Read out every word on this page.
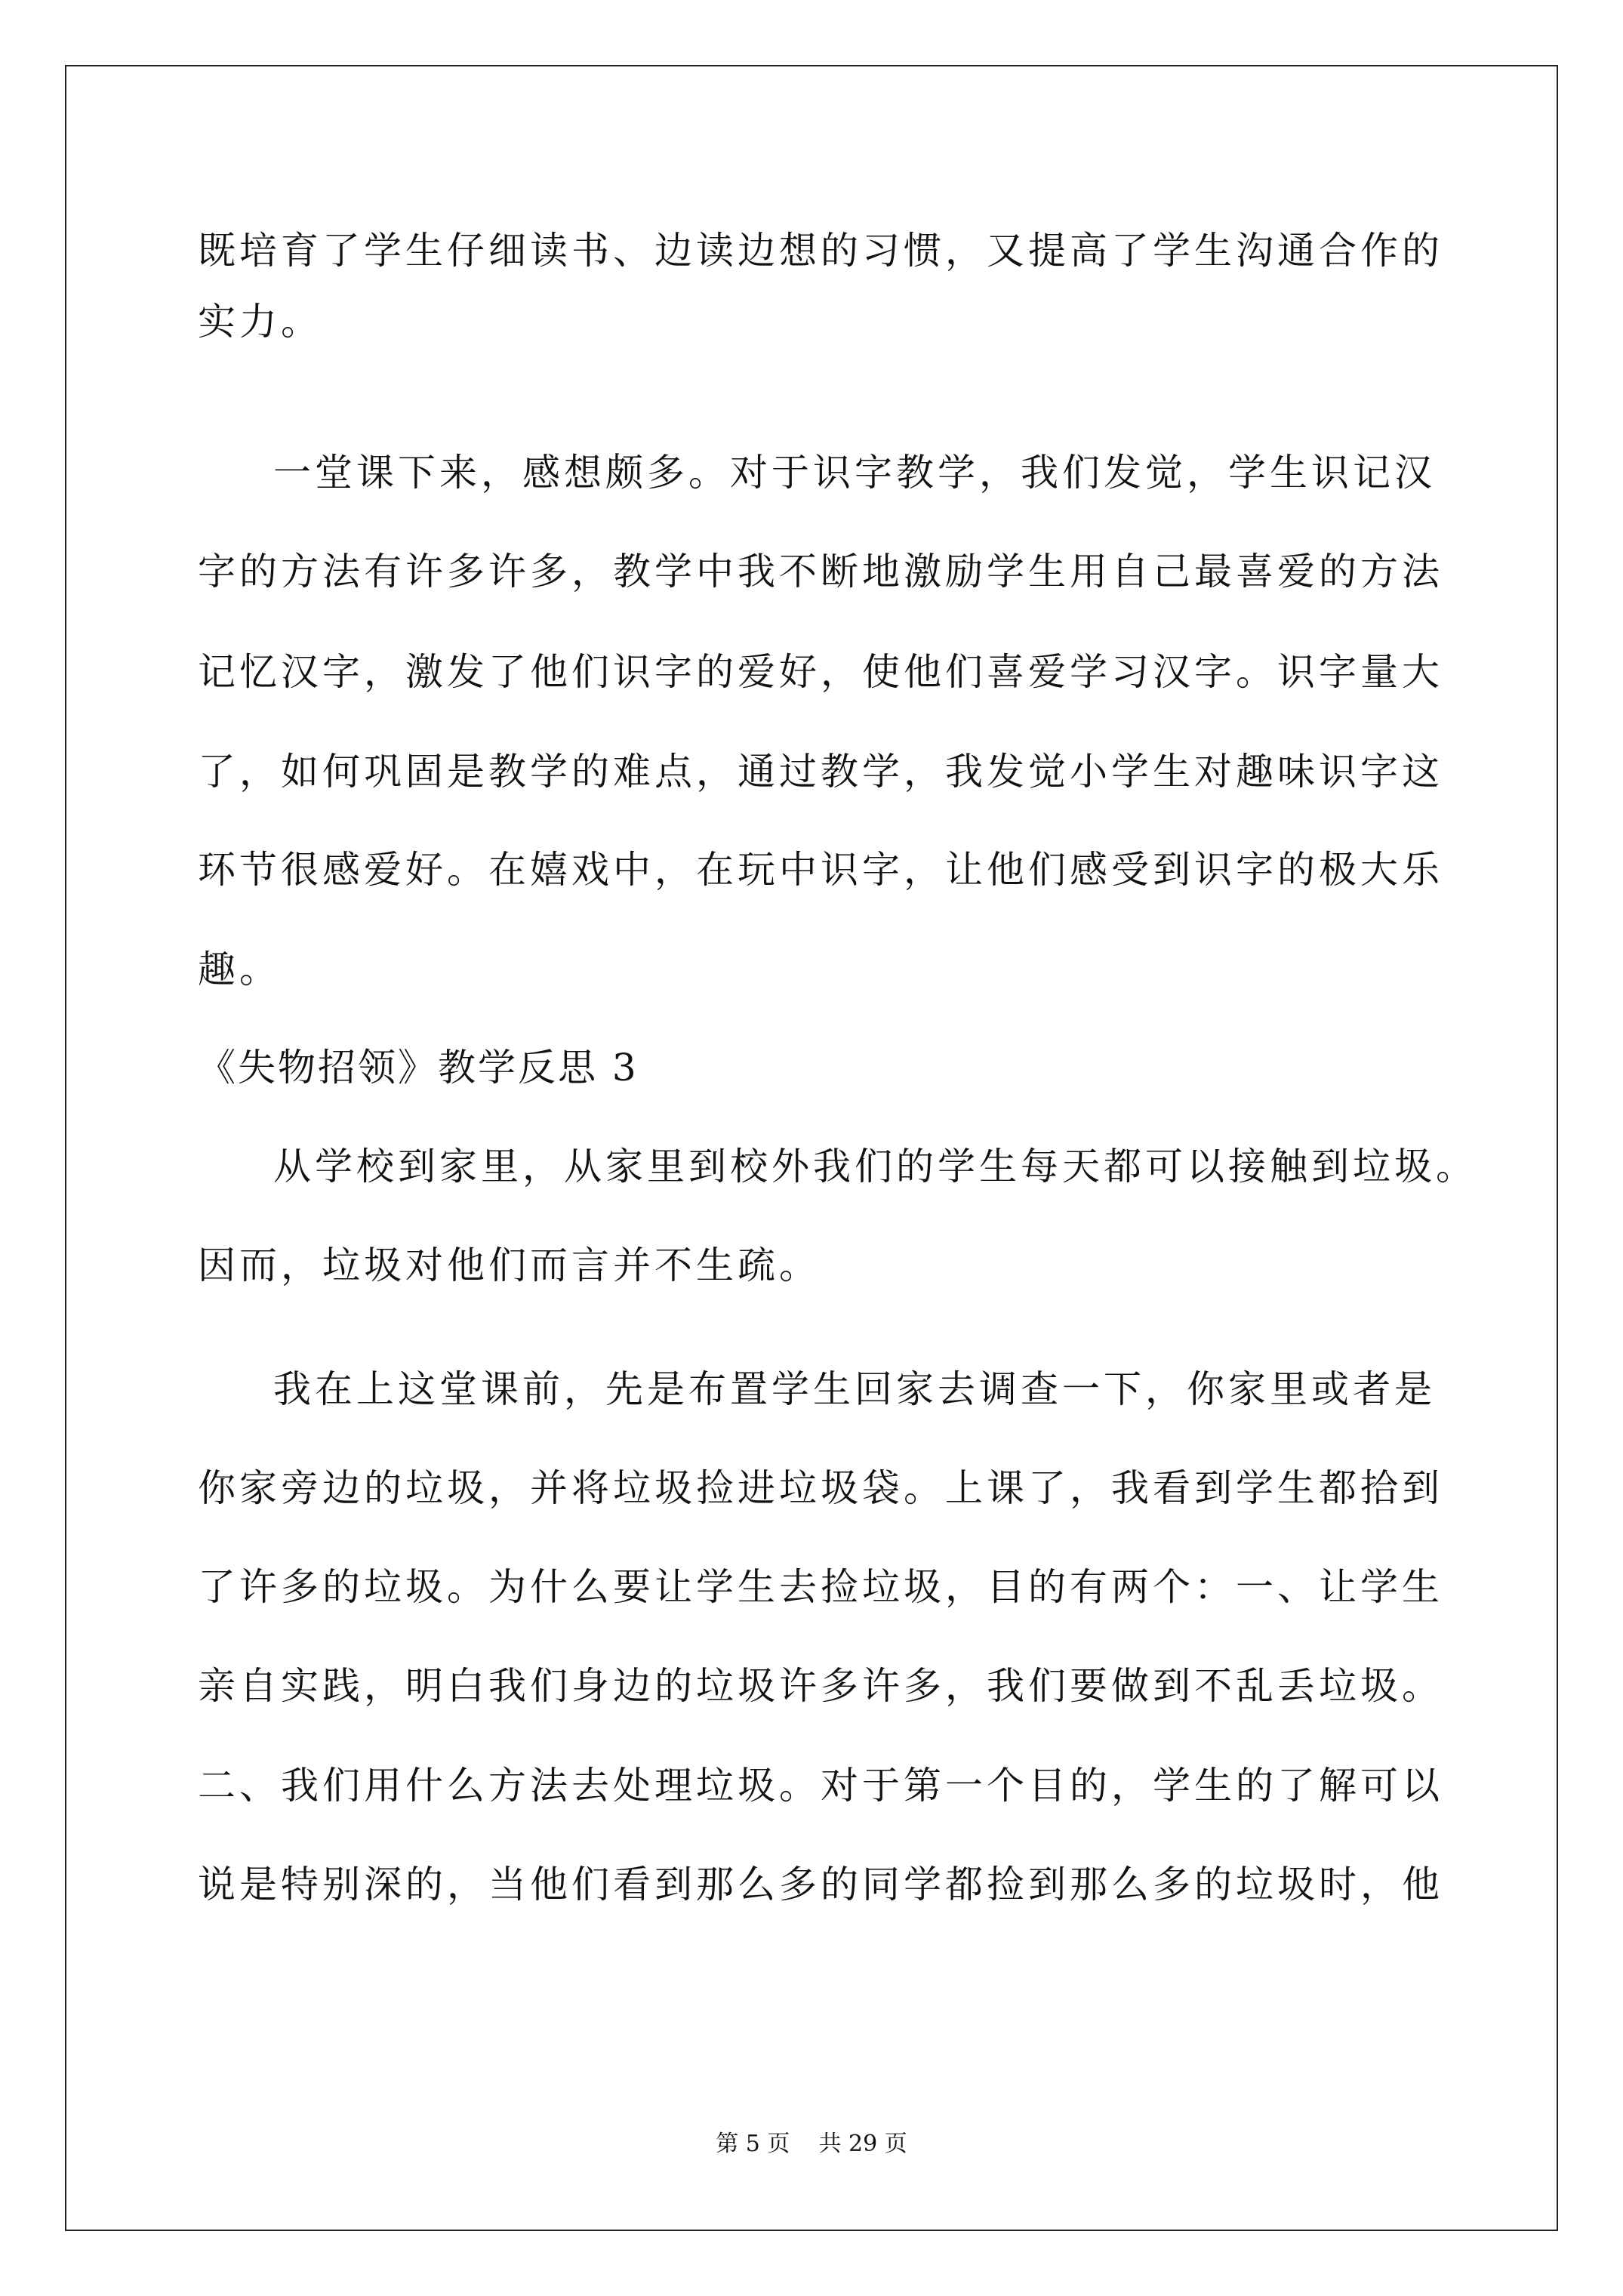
既培育了学生仔细读书、边读边想的习惯，又提高了学生沟通合作的
实力。
一堂课下来，感想颇多。对于识字教学，我们发觉，学生识记汉
字的方法有许多许多，教学中我不断地激励学生用自己最喜爱的方法
记忆汉字，激发了他们识字的爱好，使他们喜爱学习汉字。识字量大
了，如何巩固是教学的难点，通过教学，我发觉小学生对趣味识字这
环节很感爱好。在嬉戏中，在玩中识字，让他们感受到识字的极大乐
趣。
《失物招领》教学反思 3
从学校到家里，从家里到校外我们的学生每天都可以接触到垃圾。
因而，垃圾对他们而言并不生疏。
我在上这堂课前，先是布置学生回家去调查一下，你家里或者是
你家旁边的垃圾，并将垃圾捡进垃圾袋。上课了，我看到学生都拾到
了许多的垃圾。为什么要让学生去捡垃圾，目的有两个：一、让学生
亲自实践，明白我们身边的垃圾许多许多，我们要做到不乱丢垃圾。
二、我们用什么方法去处理垃圾。对于第一个目的，学生的了解可以
说是特别深的，当他们看到那么多的同学都捡到那么多的垃圾时，他
第 5 页    共 29 页
